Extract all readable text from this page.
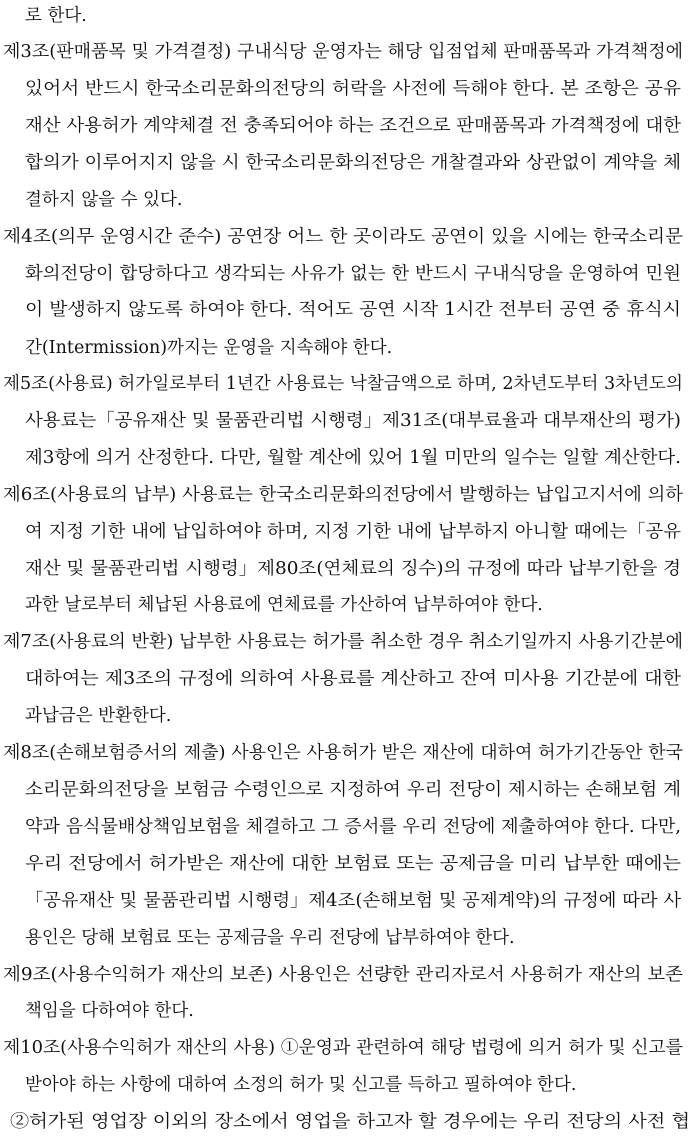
로 한다.
제3조(판매품목 및 가격결정) 구내식당 운영자는 해당 입점업체 판매품목과 가격책정에
있어서 반드시 한국소리문화의전당의 허락을 사전에 득해야 한다. 본 조항은 공유
재산 사용허가 계약체결 전 충족되어야 하는 조건으로 판매품목과 가격책정에 대한
합의가 이루어지지 않을 시 한국소리문화의전당은 개찰결과와 상관없이 계약을 체
결하지 않을 수 있다.
제4조(의무 운영시간 준수) 공연장 어느 한 곳이라도 공연이 있을 시에는 한국소리문
화의전당이 합당하다고 생각되는 사유가 없는 한 반드시 구내식당을 운영하여 민원
이 발생하지 않도록 하여야 한다. 적어도 공연 시작 1시간 전부터 공연 중 휴식시
간(Intermission)까지는 운영을 지속해야 한다.
제5조(사용료) 허가일로부터 1년간 사용료는 낙찰금액으로 하며, 2차년도부터 3차년도의
사용료는「공유재산 및 물품관리법 시행령」제31조(대부료율과 대부재산의 평가)
제3항에 의거 산정한다. 다만, 월할 계산에 있어 1월 미만의 일수는 일할 계산한다.
제6조(사용료의 납부) 사용료는 한국소리문화의전당에서 발행하는 납입고지서에 의하
여 지정 기한 내에 납입하여야 하며, 지정 기한 내에 납부하지 아니할 때에는「공유
재산 및 물품관리법 시행령」제80조(연체료의 징수)의 규정에 따라 납부기한을 경
과한 날로부터 체납된 사용료에 연체료를 가산하여 납부하여야 한다.
제7조(사용료의 반환) 납부한 사용료는 허가를 취소한 경우 취소기일까지 사용기간분에
대하여는 제3조의 규정에 의하여 사용료를 계산하고 잔여 미사용 기간분에 대한
과납금은 반환한다.
제8조(손해보험증서의 제출) 사용인은 사용허가 받은 재산에 대하여 허가기간동안 한국
소리문화의전당을 보험금 수령인으로 지정하여 우리 전당이 제시하는 손해보험 계
약과 음식물배상책임보험을 체결하고 그 증서를 우리 전당에 제출하여야 한다. 다만,
우리 전당에서 허가받은 재산에 대한 보험료 또는 공제금을 미리 납부한 때에는
「공유재산 및 물품관리법 시행령」제4조(손해보험 및 공제계약)의 규정에 따라 사
용인은 당해 보험료 또는 공제금을 우리 전당에 납부하여야 한다.
제9조(사용수익허가 재산의 보존) 사용인은 선량한 관리자로서 사용허가 재산의 보존
책임을 다하여야 한다.
제10조(사용수익허가 재산의 사용) ①운영과 관련하여 해당 법령에 의거 허가 및 신고를
받아야 하는 사항에 대하여 소정의 허가 및 신고를 득하고 필하여야 한다.
②허가된 영업장 이외의 장소에서 영업을 하고자 할 경우에는 우리 전당의 사전 협
